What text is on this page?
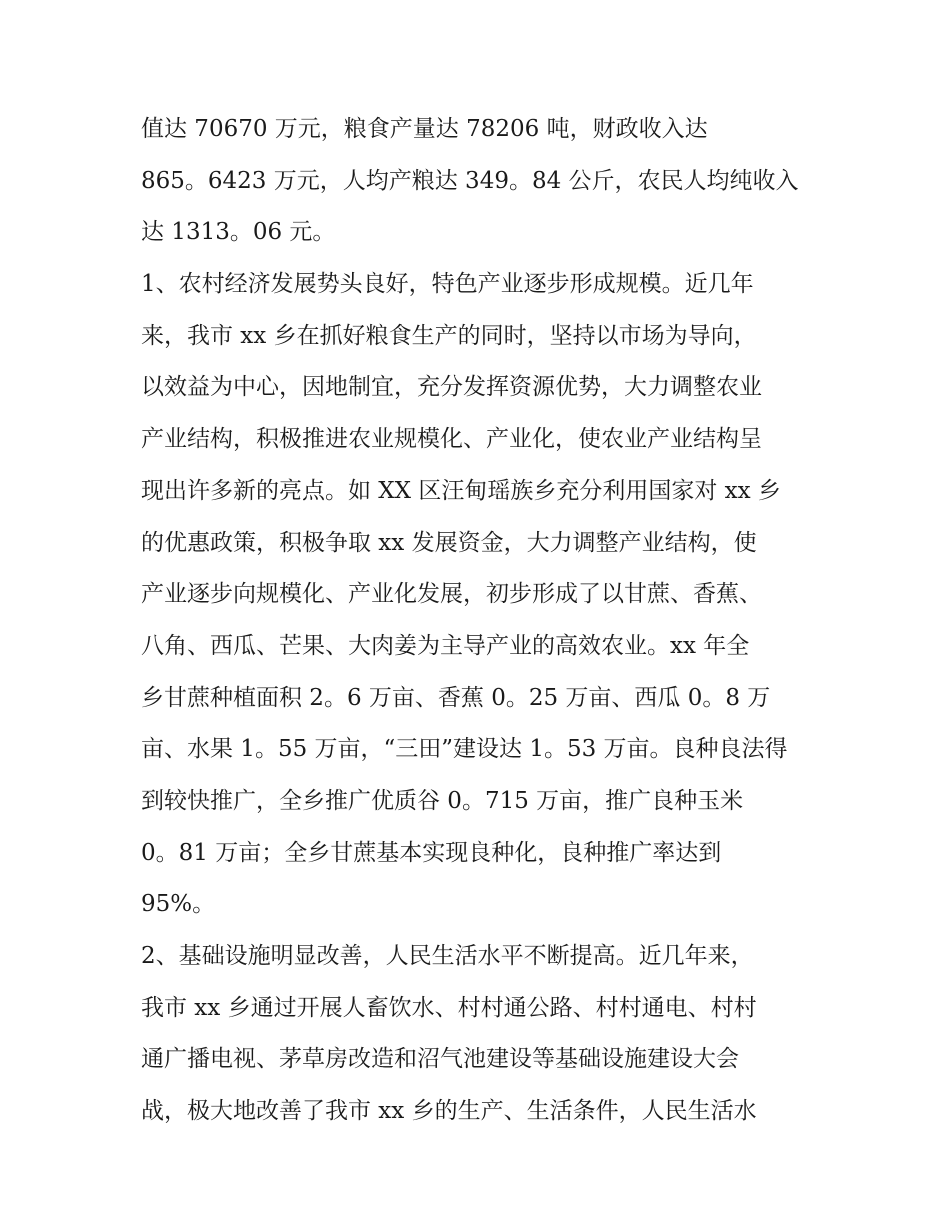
值达 70670 万元，粮食产量达 78206 吨，财政收入达
865。6423 万元，人均产粮达 349。84 公斤，农民人均纯收入
达 1313。06 元。
1、农村经济发展势头良好，特色产业逐步形成规模。近几年
来，我市 xx 乡在抓好粮食生产的同时，坚持以市场为导向，
以效益为中心，因地制宜，充分发挥资源优势，大力调整农业
产业结构，积极推进农业规模化、产业化，使农业产业结构呈
现出许多新的亮点。如 XX 区汪甸瑶族乡充分利用国家对 xx 乡
的优惠政策，积极争取 xx 发展资金，大力调整产业结构，使
产业逐步向规模化、产业化发展，初步形成了以甘蔗、香蕉、
八角、西瓜、芒果、大肉姜为主导产业的高效农业。xx 年全
乡甘蔗种植面积 2。6 万亩、香蕉 0。25 万亩、西瓜 0。8 万
亩、水果 1。55 万亩，“三田”建设达 1。53 万亩。良种良法得
到较快推广，全乡推广优质谷 0。715 万亩，推广良种玉米
0。81 万亩；全乡甘蔗基本实现良种化，良种推广率达到
95%。
2、基础设施明显改善，人民生活水平不断提高。近几年来，
我市 xx 乡通过开展人畜饮水、村村通公路、村村通电、村村
通广播电视、茅草房改造和沼气池建设等基础设施建设大会
战，极大地改善了我市 xx 乡的生产、生活条件，人民生活水
